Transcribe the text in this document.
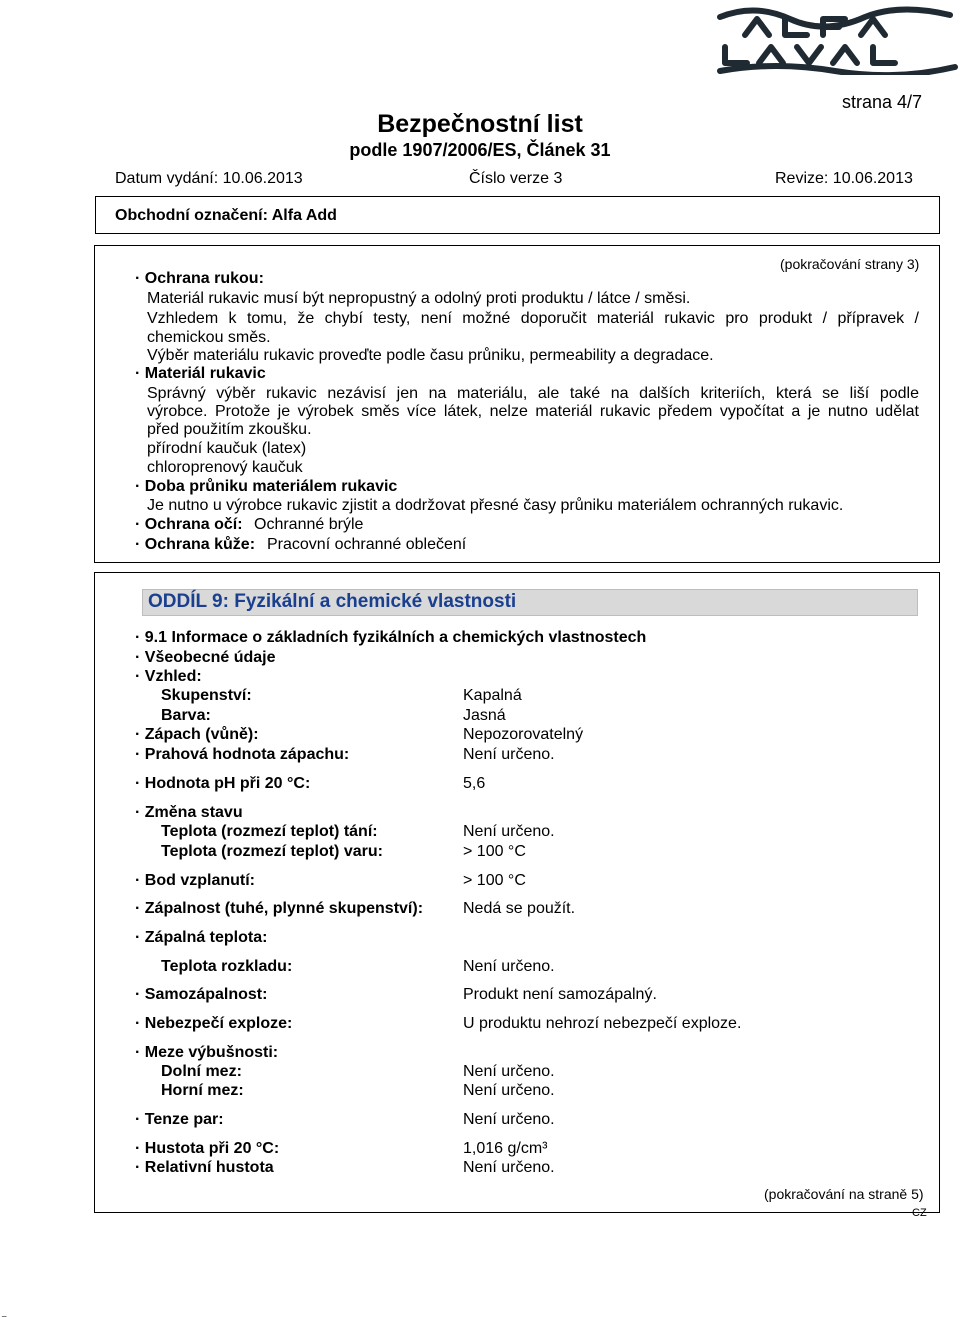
strana 4/7
Bezpečnostní list
podle 1907/2006/ES, Článek 31
Datum vydání: 10.06.2013	Číslo verze 3	Revize: 10.06.2013
Obchodní označení: Alfa Add
(pokračování strany 3)
· Ochrana rukou:
Materiál rukavic musí být nepropustný a odolný proti produktu / látce / směsi.
Vzhledem k tomu, že chybí testy, není možné doporučit materiál rukavic pro produkt / přípravek /
chemickou směs.
Výběr materiálu rukavic proveďte podle času průniku, permeability a degradace.
· Materiál rukavic
Správný výběr rukavic nezávisí jen na materiálu, ale také na dalších kriteriích, která se liší podle
výrobce. Protože je výrobek směs více látek, nelze materiál rukavic předem vypočítat a je nutno udělat
před použitím zkoušku.
přírodní kaučuk (latex)
chloroprenový kaučuk
· Doba průniku materiálem rukavic
Je nutno u výrobce rukavic zjistit a dodržovat přesné časy průniku materiálem ochranných rukavic.
· Ochrana očí: Ochranné brýle
· Ochrana kůže: Pracovní ochranné oblečení
ODDÍL 9: Fyzikální a chemické vlastnosti
· 9.1 Informace o základních fyzikálních a chemických vlastnostech
· Všeobecné údaje
· Vzhled:
Skupenství:	Kapalná
Barva:	Jasná
· Zápach (vůně):	Nepozorovatelný
· Prahová hodnota zápachu:	Není určeno.
· Hodnota pH při 20 °C:	5,6
· Změna stavu
Teplota (rozmezí teplot) tání:	Není určeno.
Teplota (rozmezí teplot) varu:	> 100 °C
· Bod vzplanutí:	> 100 °C
· Zápalnost (tuhé, plynné skupenství): Nedá se použít.
· Zápalná teplota:
Teplota rozkladu:	Není určeno.
· Samozápalnost:	Produkt není samozápalný.
· Nebezpečí exploze:	U produktu nehrozí nebezpečí exploze.
· Meze výbušnosti:
Dolní mez:	Není určeno.
Horní mez:	Není určeno.
· Tenze par:	Není určeno.
· Hustota při 20 °C:	1,016 g/cm³
· Relativní hustota	Není určeno.
(pokračování na straně 5)
CZ
_
